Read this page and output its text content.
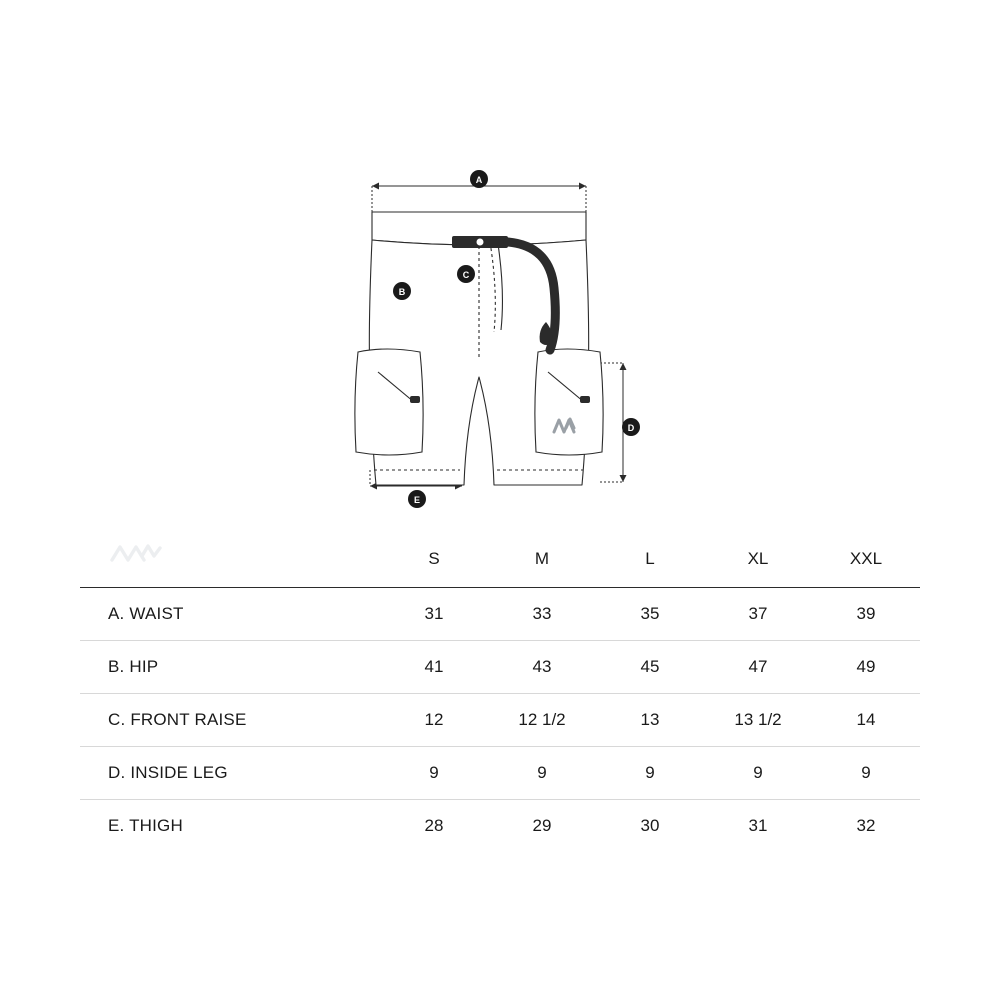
A
B
C
D
E
	S	M	L	XL	XXL
A. WAIST	31	33	35	37	39
B. HIP	41	43	45	47	49
C. FRONT RAISE	12	12 1/2	13	13 1/2	14
D. INSIDE LEG	9	9	9	9	9
E. THIGH	28	29	30	31	32
